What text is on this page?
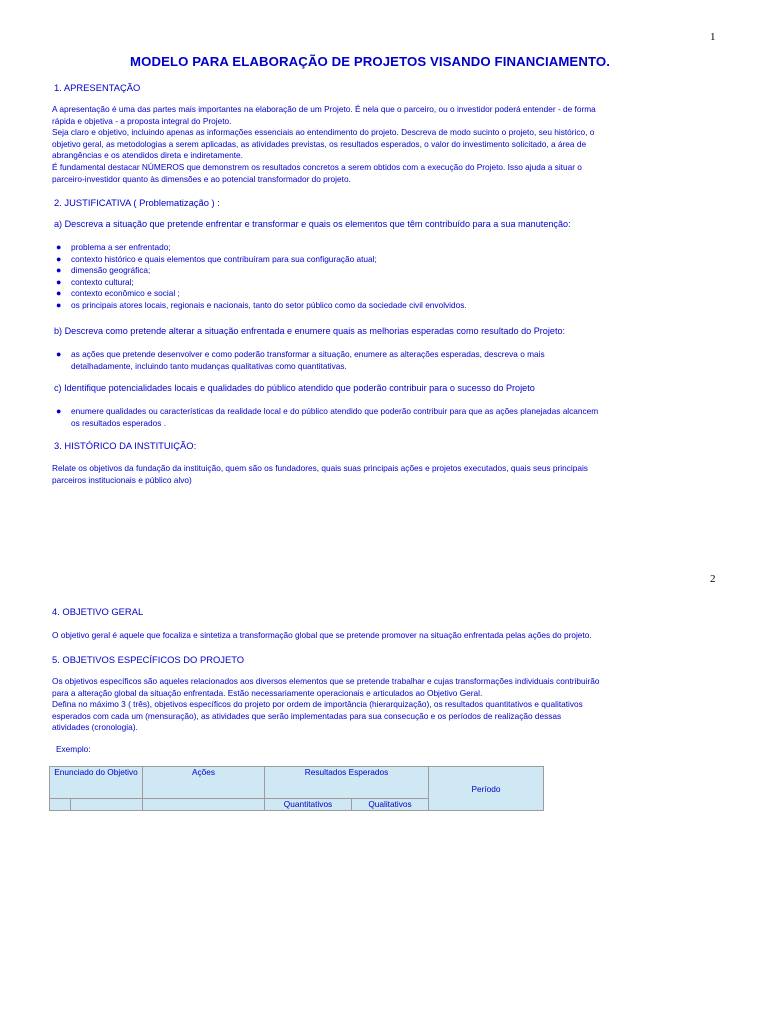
1
MODELO PARA ELABORAÇÃO DE PROJETOS VISANDO FINANCIAMENTO.
1. APRESENTAÇÃO
A apresentação é uma das partes mais importantes na elaboração de um Projeto. É nela que o parceiro, ou o investidor poderá entender - de forma
rápida e objetiva - a proposta integral do Projeto.
Seja claro e objetivo, incluindo apenas as informações essenciais ao entendimento do projeto. Descreva de modo sucinto o projeto, seu histórico, o
objetivo geral, as metodologias a serem aplicadas, as atividades previstas, os resultados esperados, o valor do investimento solicitado, a área de
abrangências e os atendidos direta e indiretamente.
É fundamental destacar NÚMEROS que demonstrem os resultados concretos a serem obtidos com a execução do Projeto. Isso ajuda a situar o
parceiro-investidor quanto às dimensões e ao potencial transformador do projeto.
2. JUSTIFICATIVA ( Problematização ) :
a) Descreva a situação que pretende enfrentar e transformar e quais os elementos que têm contribuído para a sua manutenção:
● problema a ser enfrentado;
● contexto histórico e quais elementos que contribuíram para sua configuração atual;
● dimensão geográfica;
● contexto cultural;
● contexto econômico e social ;
● os principais atores locais, regionais e nacionais, tanto do setor público como da sociedade civil envolvidos.
b) Descreva como pretende alterar a situação enfrentada e enumere quais as melhorias esperadas como resultado do Projeto:
● as ações que pretende desenvolver e como poderão transformar a situação, enumere as alterações esperadas, descreva o mais
detalhadamente, incluindo tanto mudanças qualitativas como quantitativas.
c) Identifique potencialidades locais e qualidades do público atendido que poderão contribuir para o sucesso do Projeto
● enumere qualidades ou características da realidade local e do público atendido que poderão contribuir para que as ações planejadas alcancem
os resultados esperados .
3. HISTÓRICO DA INSTITUIÇÃO:
Relate os objetivos da fundação da instituição, quem são os fundadores, quais suas principais ações e projetos executados, quais seus principais
parceiros institucionais e público alvo)
2
4. OBJETIVO GERAL
O objetivo geral é aquele que focaliza e sintetiza a transformação global que se pretende promover na situação enfrentada pelas ações do projeto.
5. OBJETIVOS ESPECÍFICOS DO PROJETO
Os objetivos específicos são aqueles relacionados aos diversos elementos que se pretende trabalhar e cujas transformações individuais contribuirão
para a alteração global da situação enfrentada. Estão necessariamente operacionais e articulados ao Objetivo Geral.
Defina no máximo 3 ( três), objetivos específicos do projeto por ordem de importância (hierarquização), os resultados quantitativos e qualitativos
esperados com cada um (mensuração), as atividades que serão implementadas para sua consecução e os períodos de realização dessas
atividades (cronologia).
Exemplo:
Enunciado do Objetivo		Ações	Resultados Esperados		Período
			Quantitativos	Qualitativos	
